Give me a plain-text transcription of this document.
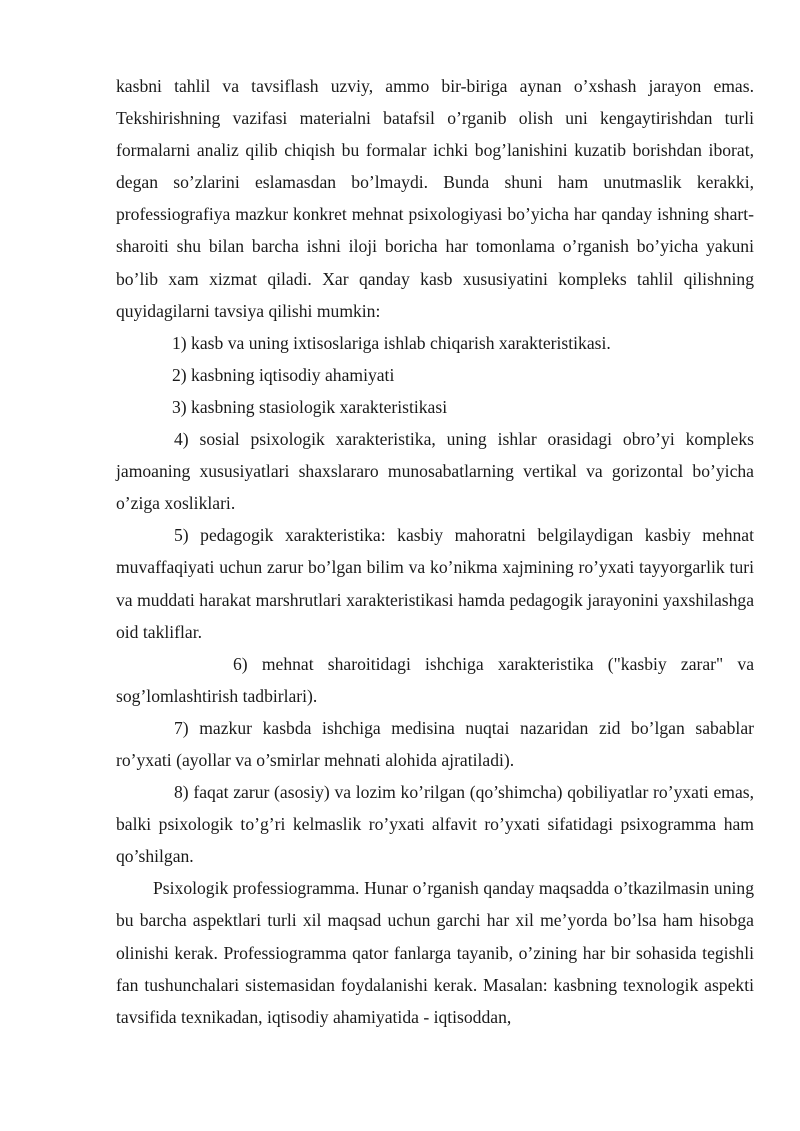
kasbni tahlil va tavsiflash uzviy, ammo bir-biriga aynan o’xshash jarayon emas. Tekshirishning vazifasi materialni batafsil o’rganib olish uni kengaytirishdan turli formalarni analiz qilib chiqish bu formalar ichki bog’lanishini kuzatib borishdan iborat, degan so’zlarini eslamasdan bo’lmaydi. Bunda shuni ham unutmaslik kerakki, professiografiya mazkur konkret mehnat psixologiyasi bo’yicha har qanday ishning shart-sharoiti shu bilan barcha ishni iloji boricha har tomonlama o’rganish bo’yicha yakuni bo’lib xam xizmat qiladi. Xar qanday kasb xususiyatini kompleks tahlil qilishning quyidagilarni tavsiya qilishi mumkin:

1) kasb va uning ixtisoslariga ishlab chiqarish xarakteristikasi.

2) kasbning iqtisodiy ahamiyati

3) kasbning stasiologik xarakteristikasi

4) sosial psixologik xarakteristika, uning ishlar orasidagi obro’yi kompleks jamoaning xususiyatlari shaxslararo munosabatlarning vertikal va gorizontal bo’yicha o’ziga xosliklari.

5) pedagogik xarakteristika: kasbiy mahoratni belgilaydigan kasbiy mehnat muvaffaqiyati uchun zarur bo’lgan bilim va ko’nikma xajmining ro’yxati tayyorgarlik turi va muddati harakat marshrutlari xarakteristikasi hamda pedagogik jarayonini yaxshilashga oid takliflar.

6) mehnat sharoitidagi ishchiga xarakteristika ("kasbiy zarar" va sog’lomlashtirish tadbirlari).

7) mazkur kasbda ishchiga medisina nuqtai nazaridan zid bo’lgan sabablar ro’yxati (ayollar va o’smirlar mehnati alohida ajratiladi).

8) faqat zarur (asosiy) va lozim ko’rilgan (qo’shimcha) qobiliyatlar ro’yxati emas, balki psixologik to’g’ri kelmaslik ro’yxati alfavit ro’yxati sifatidagi psixogramma ham qo’shilgan.

Psixologik professiogramma. Hunar o’rganish qanday maqsadda o’tkazilmasin uning bu barcha aspektlari turli xil maqsad uchun garchi har xil me’yorda bo’lsa ham hisobga olinishi kerak. Professiogramma qator fanlarga tayanib, o’zining har bir sohasida tegishli fan tushunchalari sistemasidan foydalanishi kerak. Masalan: kasbning texnologik aspekti tavsifida texnikadan, iqtisodiy ahamiyatida - iqtisoddan,
